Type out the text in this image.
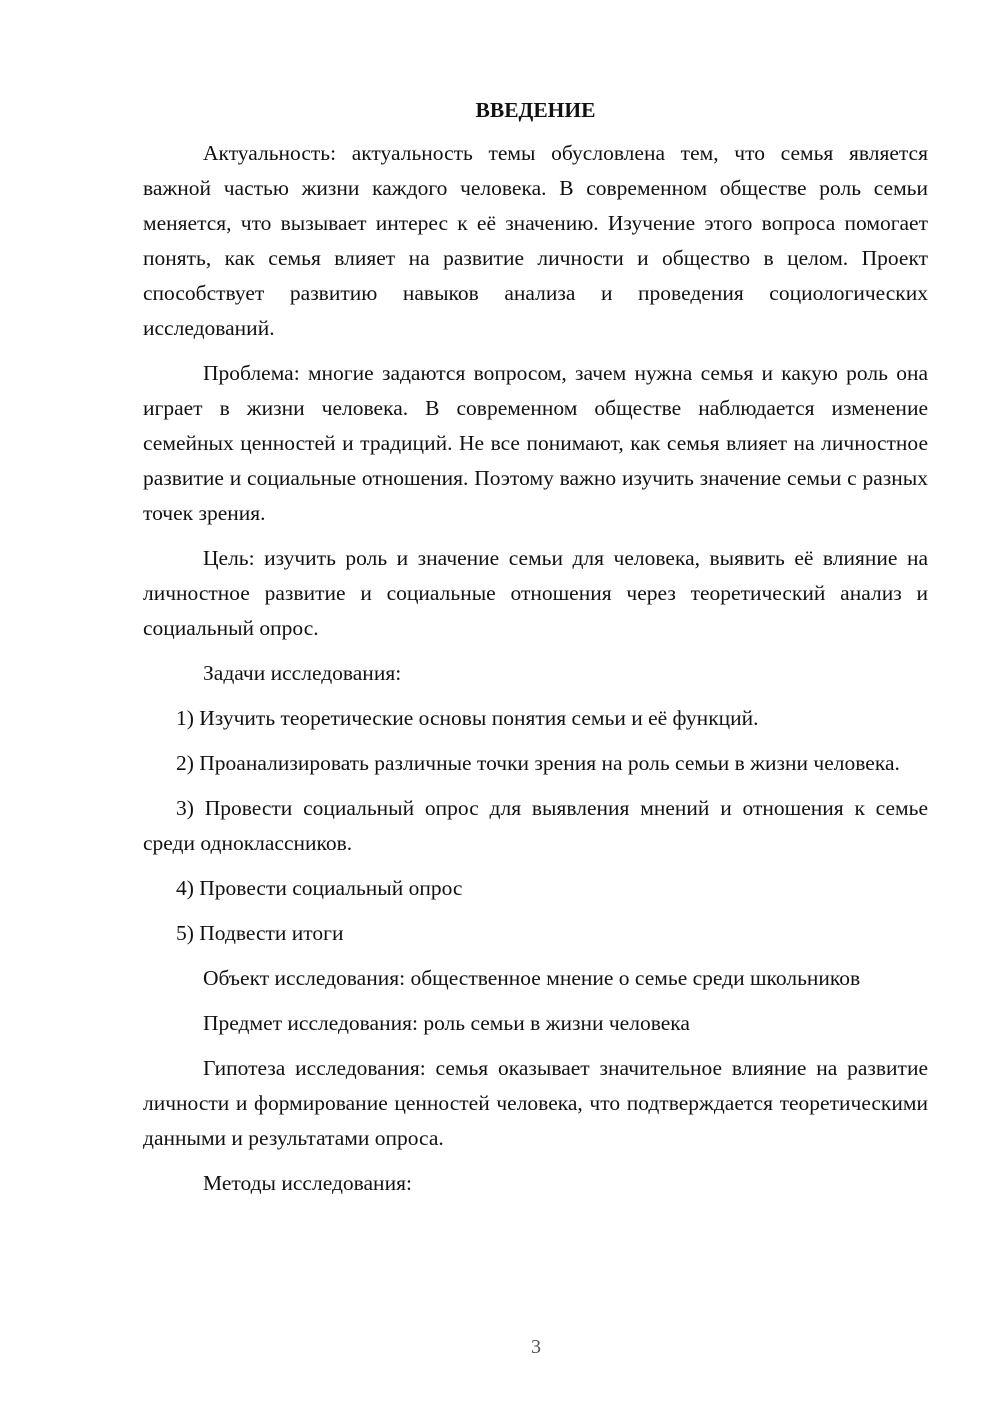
ВВЕДЕНИЕ

Актуальность: актуальность темы обусловлена тем, что семья является важной частью жизни каждого человека. В современном обществе роль семьи меняется, что вызывает интерес к её значению. Изучение этого вопроса помогает понять, как семья влияет на развитие личности и общество в целом. Проект способствует развитию навыков анализа и проведения социологических исследований.

Проблема: многие задаются вопросом, зачем нужна семья и какую роль она играет в жизни человека. В современном обществе наблюдается изменение семейных ценностей и традиций. Не все понимают, как семья влияет на личностное развитие и социальные отношения. Поэтому важно изучить значение семьи с разных точек зрения.

Цель: изучить роль и значение семьи для человека, выявить её влияние на личностное развитие и социальные отношения через теоретический анализ и социальный опрос.

Задачи исследования:

1) Изучить теоретические основы понятия семьи и её функций.

2) Проанализировать различные точки зрения на роль семьи в жизни человека.

3) Провести социальный опрос для выявления мнений и отношения к семье среди одноклассников.

4) Провести социальный опрос

5) Подвести итоги

Объект исследования: общественное мнение о семье среди школьников

Предмет исследования: роль семьи в жизни человека

Гипотеза исследования: семья оказывает значительное влияние на развитие личности и формирование ценностей человека, что подтверждается теоретическими данными и результатами опроса.

Методы исследования:

3
